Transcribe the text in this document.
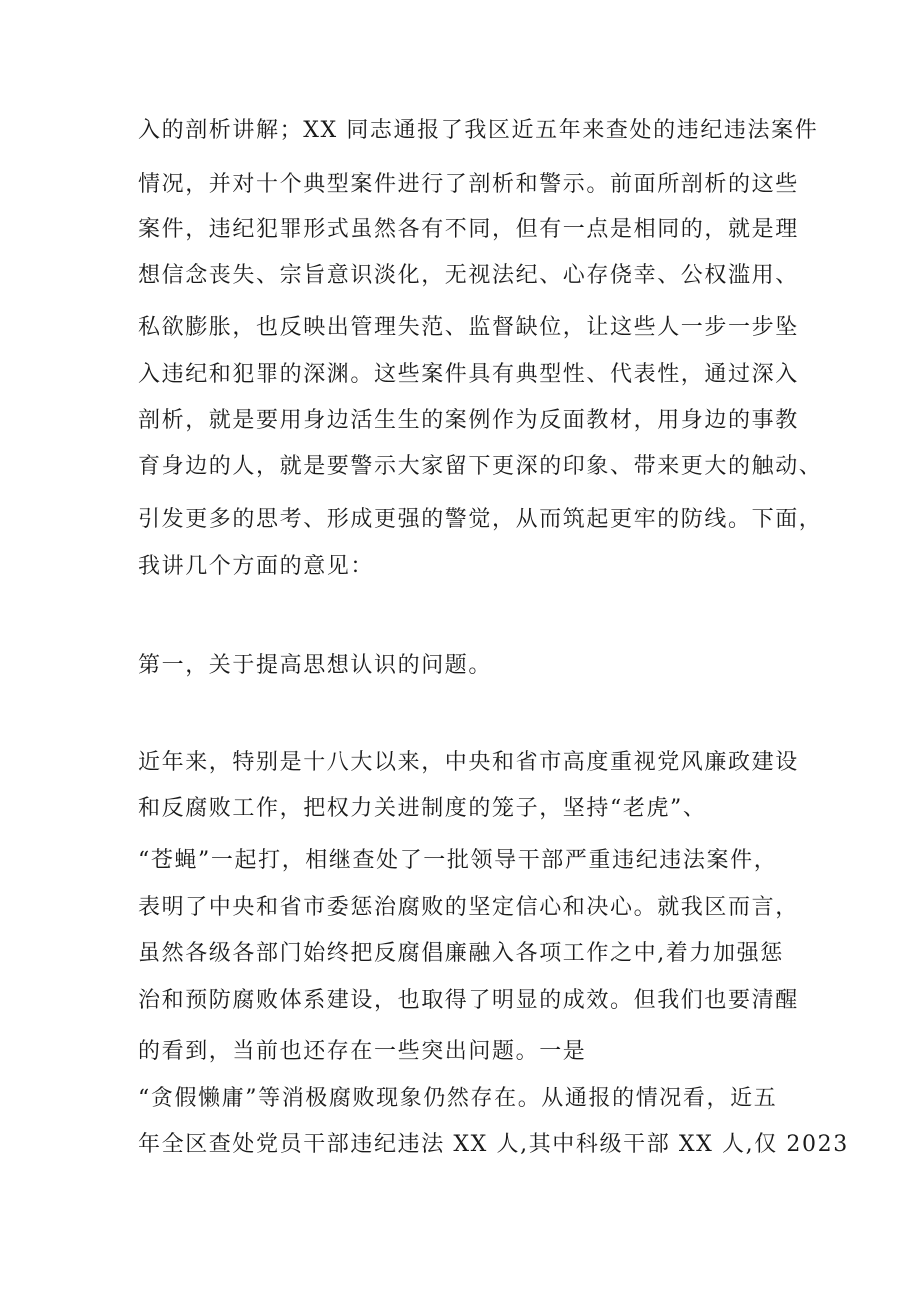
入的剖析讲解；XX 同志通报了我区近五年来查处的违纪违法案件

情况，并对十个典型案件进行了剖析和警示。前面所剖析的这些

案件，违纪犯罪形式虽然各有不同，但有一点是相同的，就是理

想信念丧失、宗旨意识淡化，无视法纪、心存侥幸、公权滥用、

私欲膨胀，也反映出管理失范、监督缺位，让这些人一步一步坠

入违纪和犯罪的深渊。这些案件具有典型性、代表性，通过深入

剖析，就是要用身边活生生的案例作为反面教材，用身边的事教

育身边的人，就是要警示大家留下更深的印象、带来更大的触动、

引发更多的思考、形成更强的警觉，从而筑起更牢的防线。下面，

我讲几个方面的意见：

第一，关于提高思想认识的问题。

近年来，特别是十八大以来，中央和省市高度重视党风廉政建设

和反腐败工作，把权力关进制度的笼子，坚持“老虎”、

“苍蝇”一起打，相继查处了一批领导干部严重违纪违法案件，

表明了中央和省市委惩治腐败的坚定信心和决心。就我区而言，

虽然各级各部门始终把反腐倡廉融入各项工作之中,着力加强惩

治和预防腐败体系建设，也取得了明显的成效。但我们也要清醒

的看到，当前也还存在一些突出问题。一是

“贪假懒庸”等消极腐败现象仍然存在。从通报的情况看，近五

年全区查处党员干部违纪违法 XX 人,其中科级干部 XX 人,仅 2023
